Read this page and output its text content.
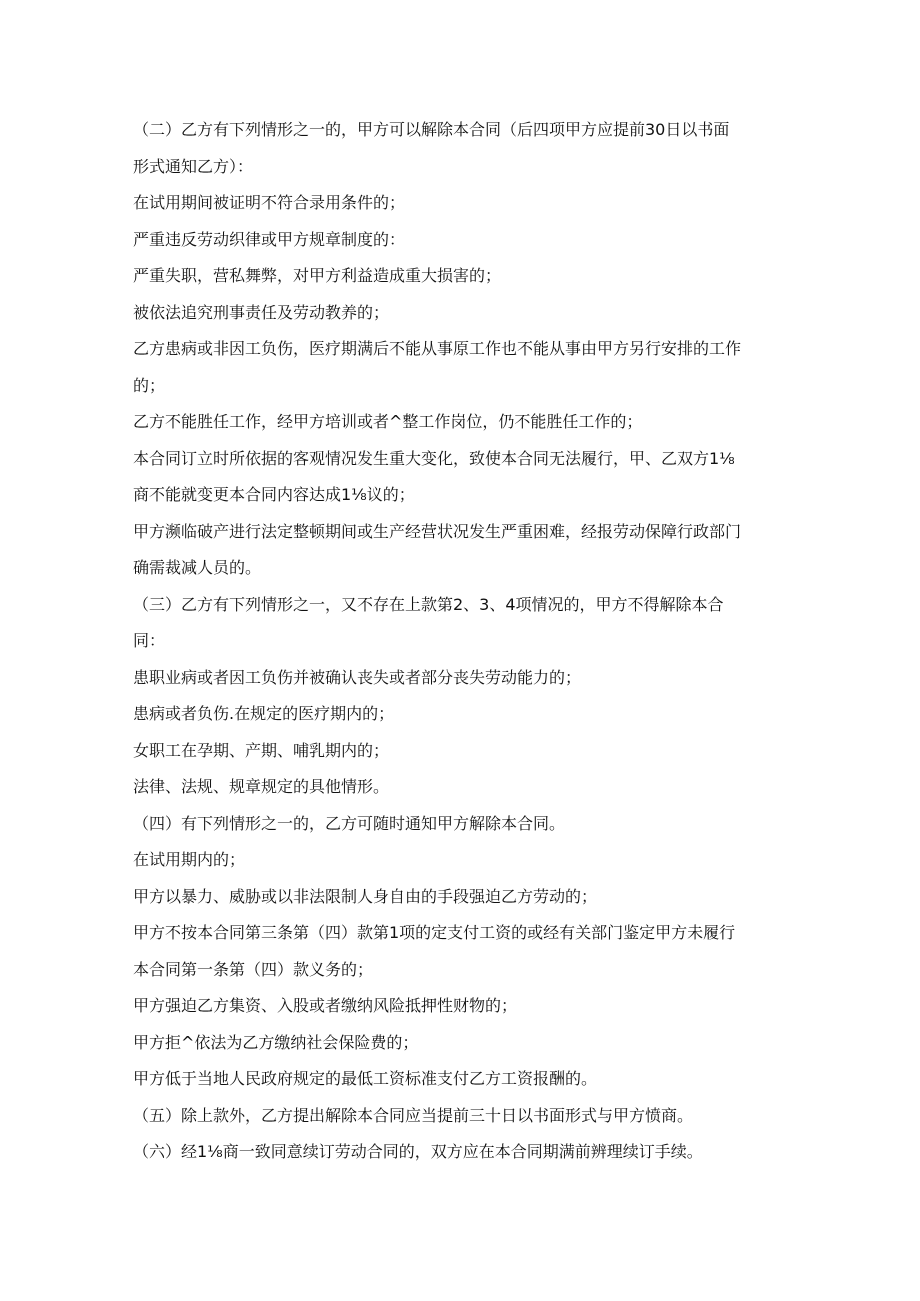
（二）乙方有下列情形之一的，甲方可以解除本合同（后四项甲方应提前30日以书面
形式通知乙方）：
在试用期间被证明不符合录用条件的；
严重违反劳动织律或甲方规章制度的：
严重失职，营私舞弊，对甲方利益造成重大损害的；
被依法追究刑事责任及劳动教养的；
乙方患病或非因工负伤，医疗期满后不能从事原工作也不能从事由甲方另行安排的工作
的；
乙方不能胜任工作，经甲方培训或者^整工作岗位，仍不能胜任工作的；
本合同订立时所依据的客观情况发生重大变化，致使本合同无法履行，甲、乙双方1⅛
商不能就变更本合同内容达成1⅛议的；
甲方濒临破产进行法定整顿期间或生产经营状况发生严重困难，经报劳动保障行政部门
确需裁减人员的。
（三）乙方有下列情形之一，又不存在上款第2、3、4项情况的，甲方不得解除本合
同：
患职业病或者因工负伤并被确认丧失或者部分丧失劳动能力的；
患病或者负伤.在规定的医疗期内的；
女职工在孕期、产期、哺乳期内的；
法律、法规、规章规定的具他情形。
（四）有下列情形之一的，乙方可随时通知甲方解除本合同。
在试用期内的；
甲方以暴力、威胁或以非法限制人身自由的手段强迫乙方劳动的；
甲方不按本合同第三条第（四）款第1项的定支付工资的或经有关部门鉴定甲方未履行
本合同第一条第（四）款义务的；
甲方强迫乙方集资、入股或者缴纳风险抵押性财物的；
甲方拒^依法为乙方缴纳社会保险费的；
甲方低于当地人民政府规定的最低工资标准支付乙方工资报酬的。
（五）除上款外，乙方提出解除本合同应当提前三十日以书面形式与甲方愤商。
（六）经1⅛商一致同意续订劳动合同的，双方应在本合同期满前辨理续订手续。
